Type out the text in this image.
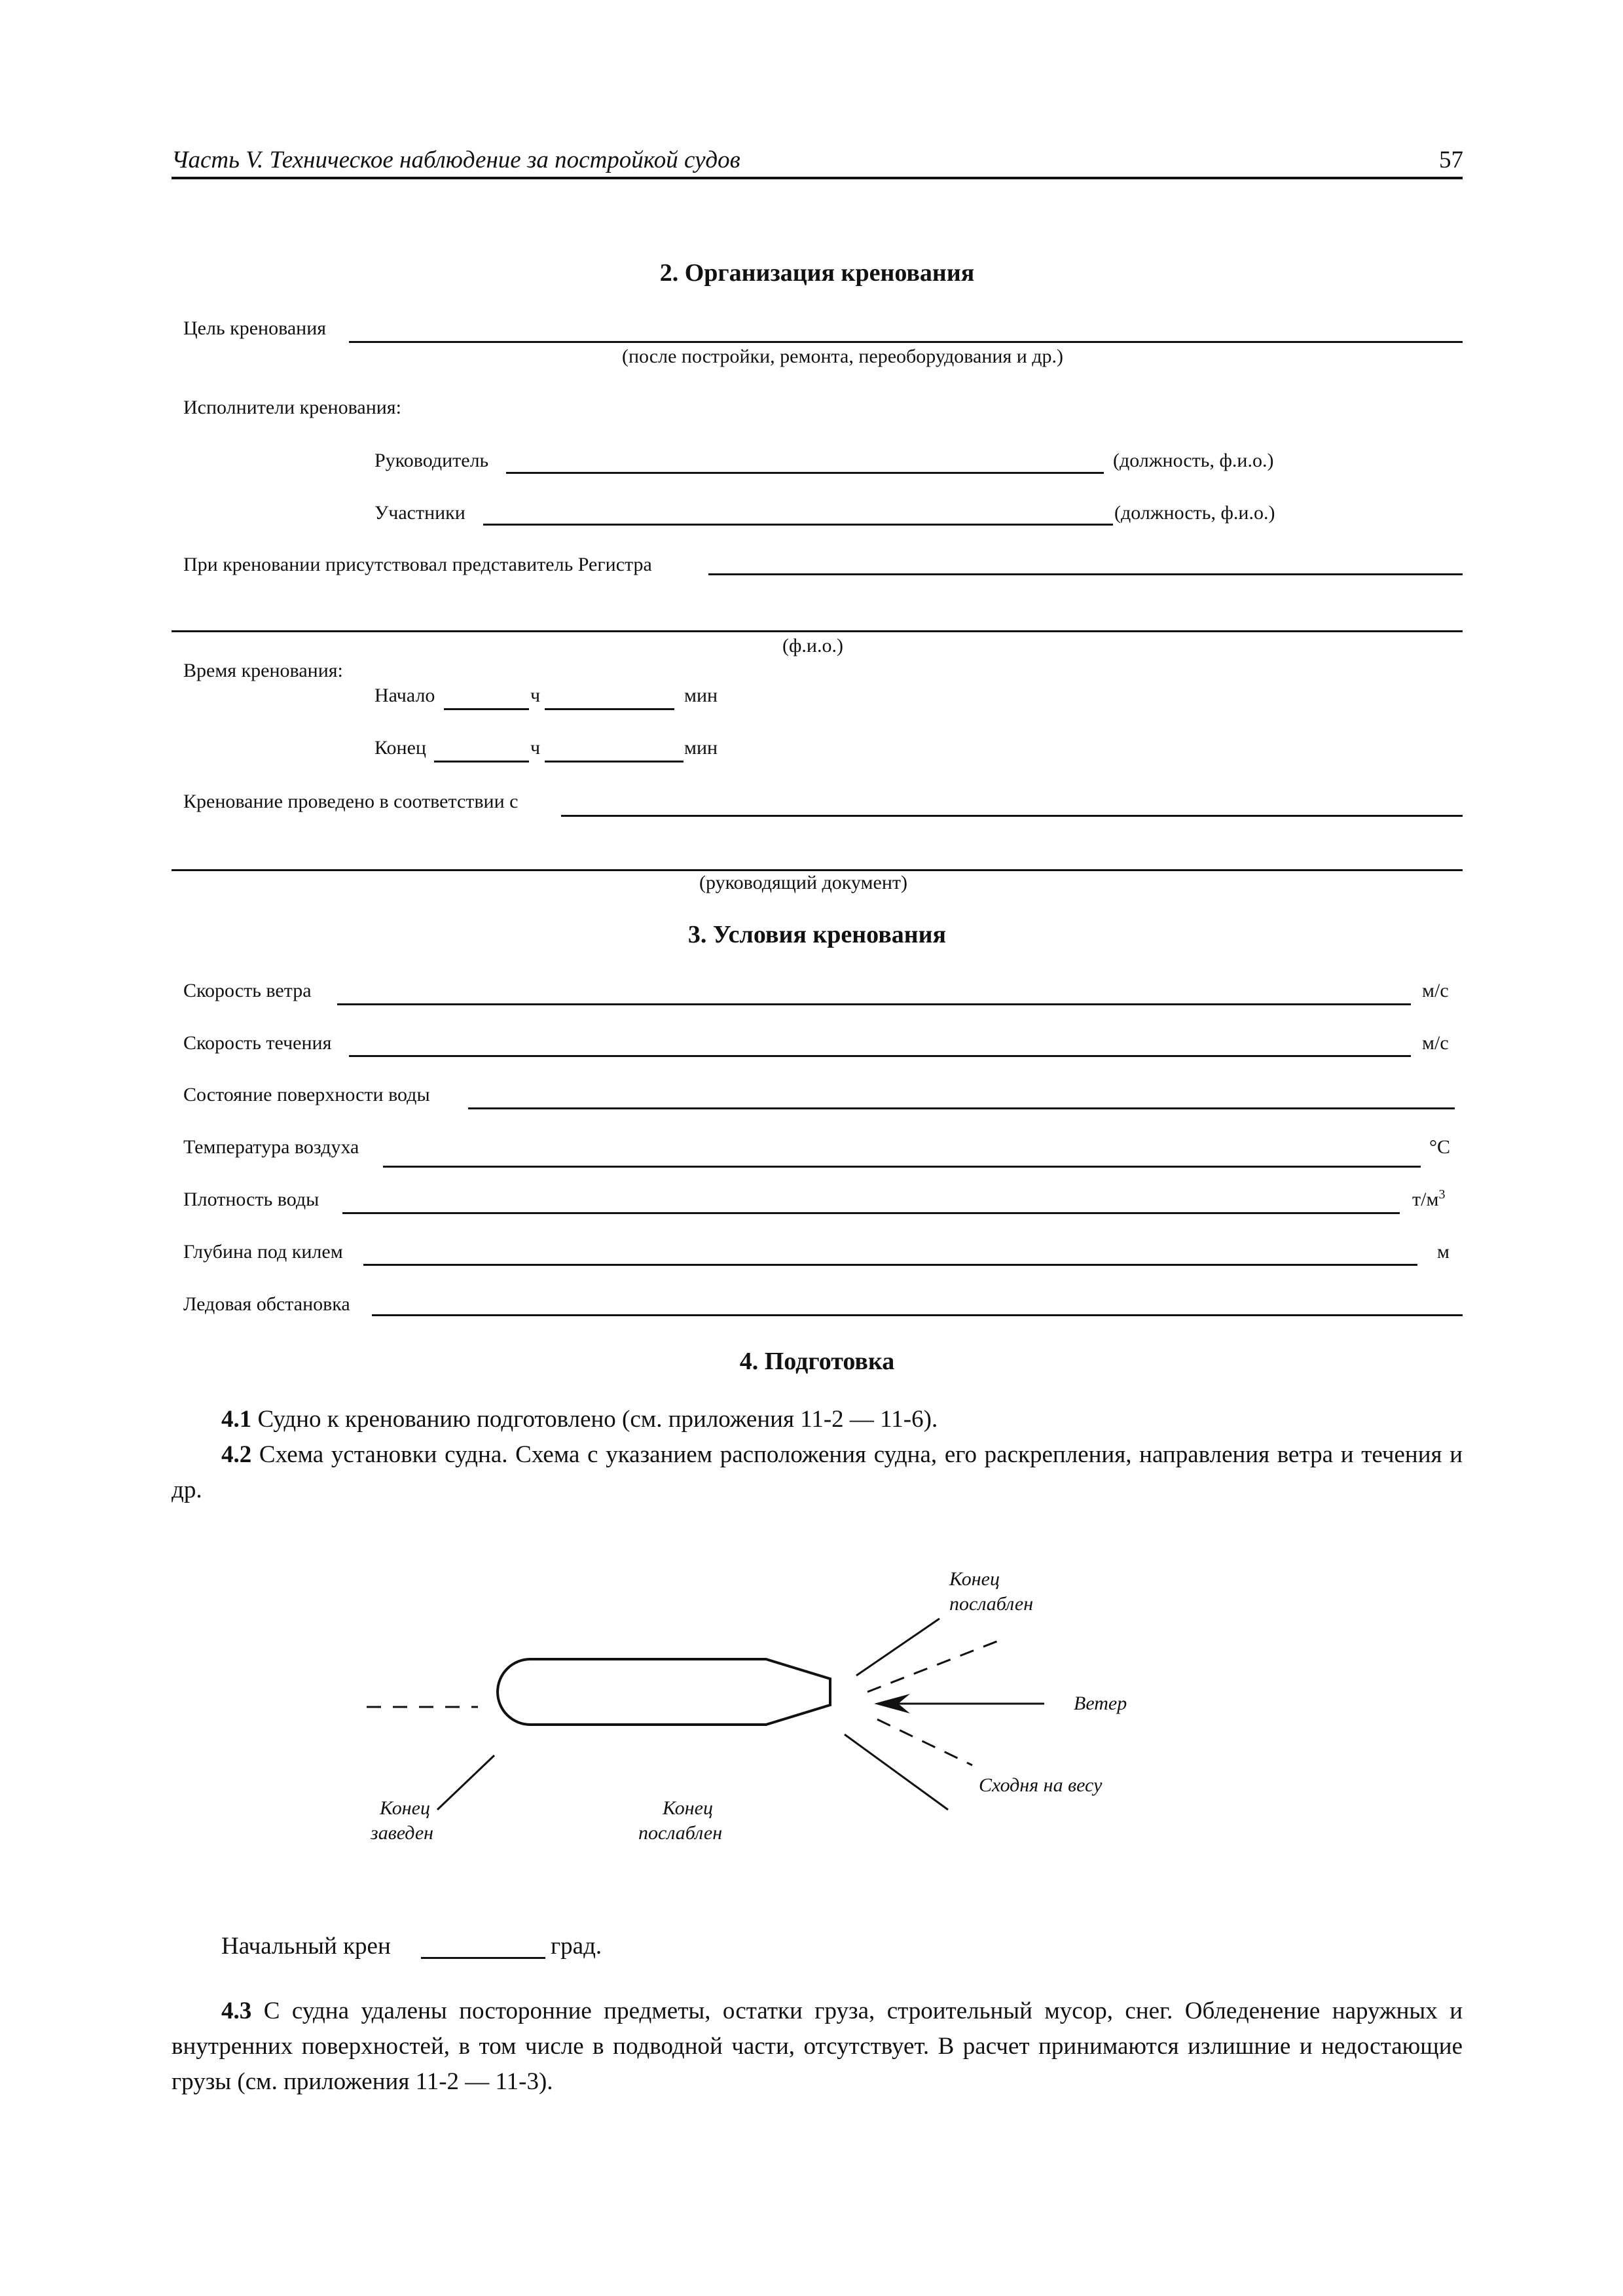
Часть V. Техническое наблюдение за постройкой судов	57
2. Организация кренования
Цель кренования
(после постройки, ремонта, переоборудования и др.)
Исполнители кренования:
Руководитель	(должность, ф.и.о.)
Участники	(должность, ф.и.о.)
При креновании присутствовал представитель Регистра
(ф.и.о.)
Время кренования:
Начало	ч	мин
Конец	ч	мин
Кренование проведено в соответствии с
(руководящий документ)
3. Условия кренования
Скорость ветра	м/с
Скорость течения	м/с
Состояние поверхности воды
Температура воздуха	°С
Плотность воды	$т/м^3$
Глубина под килем	м
Ледовая обстановка
4. Подготовка
4.1 Судно к кренованию подготовлено (см. приложения 11-2 — 11-6).
4.2 Схема установки судна. Схема с указанием расположения судна, его раскрепления, направления ветра и течения и др.
Конец
послаблен
Ветер
Сходня на весу
Конец
заведен
Конец
послаблен
Начальный крен	град.
4.3 С судна удалены посторонние предметы, остатки груза, строительный мусор, снег. Обледенение наружных и внутренних поверхностей, в том числе в подводной части, отсутствует. В расчет принимаются излишние и недостающие грузы (см. приложения 11-2 — 11-3).
